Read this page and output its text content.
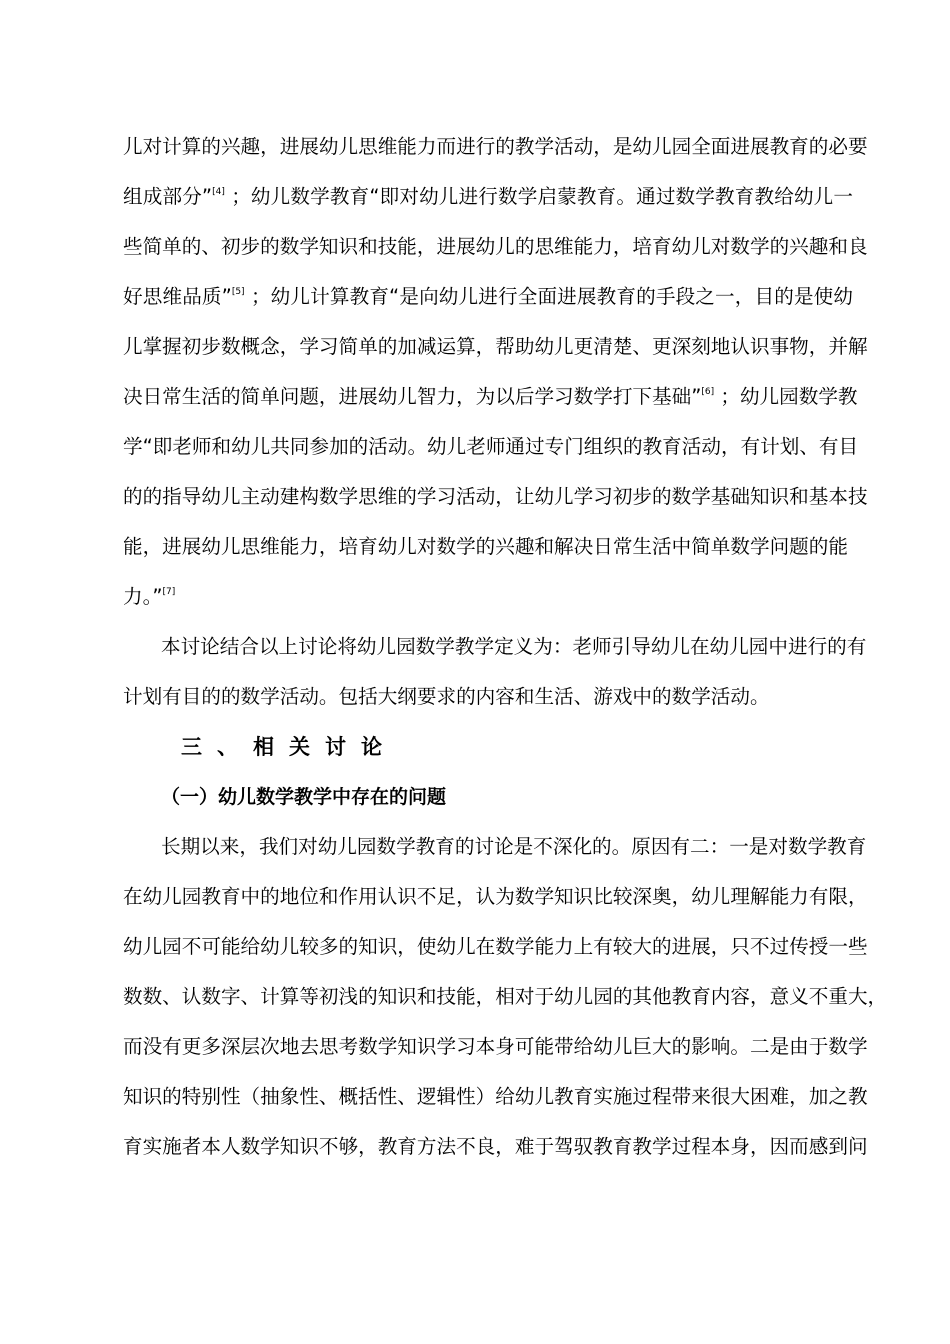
儿对计算的兴趣，进展幼儿思维能力而进行的教学活动，是幼儿园全面进展教育的必要
组成部分”[4] ；幼儿数学教育“即对幼儿进行数学启蒙教育。通过数学教育教给幼儿一
些简单的、初步的数学知识和技能，进展幼儿的思维能力，培育幼儿对数学的兴趣和良
好思维品质”[5] ；幼儿计算教育“是向幼儿进行全面进展教育的手段之一，目的是使幼
儿掌握初步数概念，学习简单的加减运算，帮助幼儿更清楚、更深刻地认识事物，并解
决日常生活的简单问题，进展幼儿智力，为以后学习数学打下基础”[6] ；幼儿园数学教
学“即老师和幼儿共同参加的活动。幼儿老师通过专门组织的教育活动，有计划、有目
的的指导幼儿主动建构数学思维的学习活动，让幼儿学习初步的数学基础知识和基本技
能，进展幼儿思维能力，培育幼儿对数学的兴趣和解决日常生活中简单数学问题的能
力。”[7]
本讨论结合以上讨论将幼儿园数学教学定义为：老师引导幼儿在幼儿园中进行的有
计划有目的的数学活动。包括大纲要求的内容和生活、游戏中的数学活动。
三、相关讨论
（一）幼儿数学教学中存在的问题
长期以来，我们对幼儿园数学教育的讨论是不深化的。原因有二：一是对数学教育
在幼儿园教育中的地位和作用认识不足，认为数学知识比较深奥，幼儿理解能力有限，
幼儿园不可能给幼儿较多的知识，使幼儿在数学能力上有较大的进展，只不过传授一些
数数、认数字、计算等初浅的知识和技能，相对于幼儿园的其他教育内容，意义不重大，
而没有更多深层次地去思考数学知识学习本身可能带给幼儿巨大的影响。二是由于数学
知识的特别性（抽象性、概括性、逻辑性）给幼儿教育实施过程带来很大困难，加之教
育实施者本人数学知识不够，教育方法不良，难于驾驭教育教学过程本身，因而感到问
